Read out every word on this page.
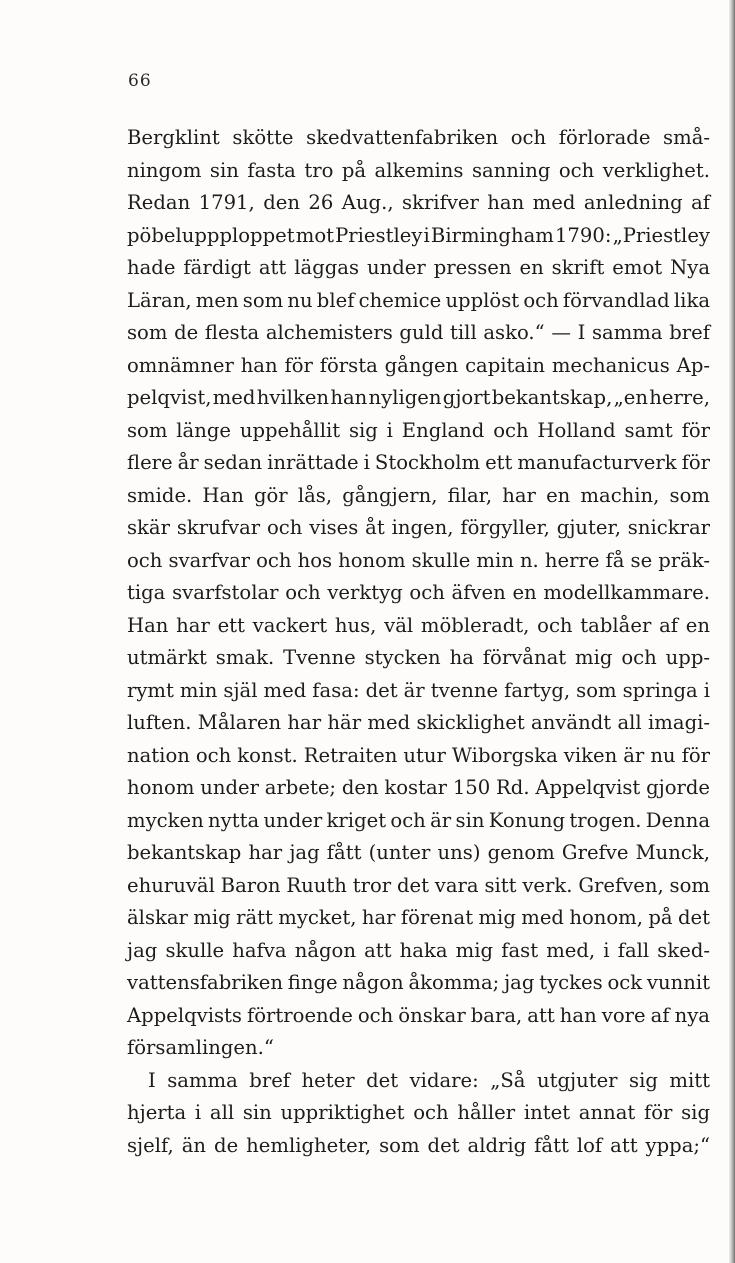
66
Bergklint skötte skedvattenfabriken och förlorade små-
ningom sin fasta tro på alkemins sanning och verklighet.
Redan 1791, den 26 Aug., skrifver han med anledning af
pöbeluppploppet mot Priestley i Birmingham 1790: „Priestley
hade färdigt att läggas under pressen en skrift emot Nya
Läran, men som nu blef chemice upplöst och förvandlad lika
som de flesta alchemisters guld till asko.“ — I samma bref
omnämner han för första gången capitain mechanicus Ap-
pelqvist, med hvilken han nyligen gjort bekantskap, „en herre,
som länge uppehållit sig i England och Holland samt för
flere år sedan inrättade i Stockholm ett manufacturverk för
smide. Han gör lås, gångjern, filar, har en machin, som
skär skrufvar och vises åt ingen, förgyller, gjuter, snickrar
och svarfvar och hos honom skulle min n. herre få se präk-
tiga svarfstolar och verktyg och äfven en modellkammare.
Han har ett vackert hus, väl möbleradt, och tablåer af en
utmärkt smak. Tvenne stycken ha förvånat mig och upp-
rymt min själ med fasa: det är tvenne fartyg, som springa i
luften. Målaren har här med skicklighet användt all imagi-
nation och konst. Retraiten utur Wiborgska viken är nu för
honom under arbete; den kostar 150 Rd. Appelqvist gjorde
mycken nytta under kriget och är sin Konung trogen. Denna
bekantskap har jag fått (unter uns) genom Grefve Munck,
ehuruväl Baron Ruuth tror det vara sitt verk. Grefven, som
älskar mig rätt mycket, har förenat mig med honom, på det
jag skulle hafva någon att haka mig fast med, i fall sked-
vattensfabriken finge någon åkomma; jag tyckes ock vunnit
Appelqvists förtroende och önskar bara, att han vore af nya
församlingen.“
I samma bref heter det vidare: „Så utgjuter sig mitt
hjerta i all sin uppriktighet och håller intet annat för sig
sjelf, än de hemligheter, som det aldrig fått lof att yppa;“
